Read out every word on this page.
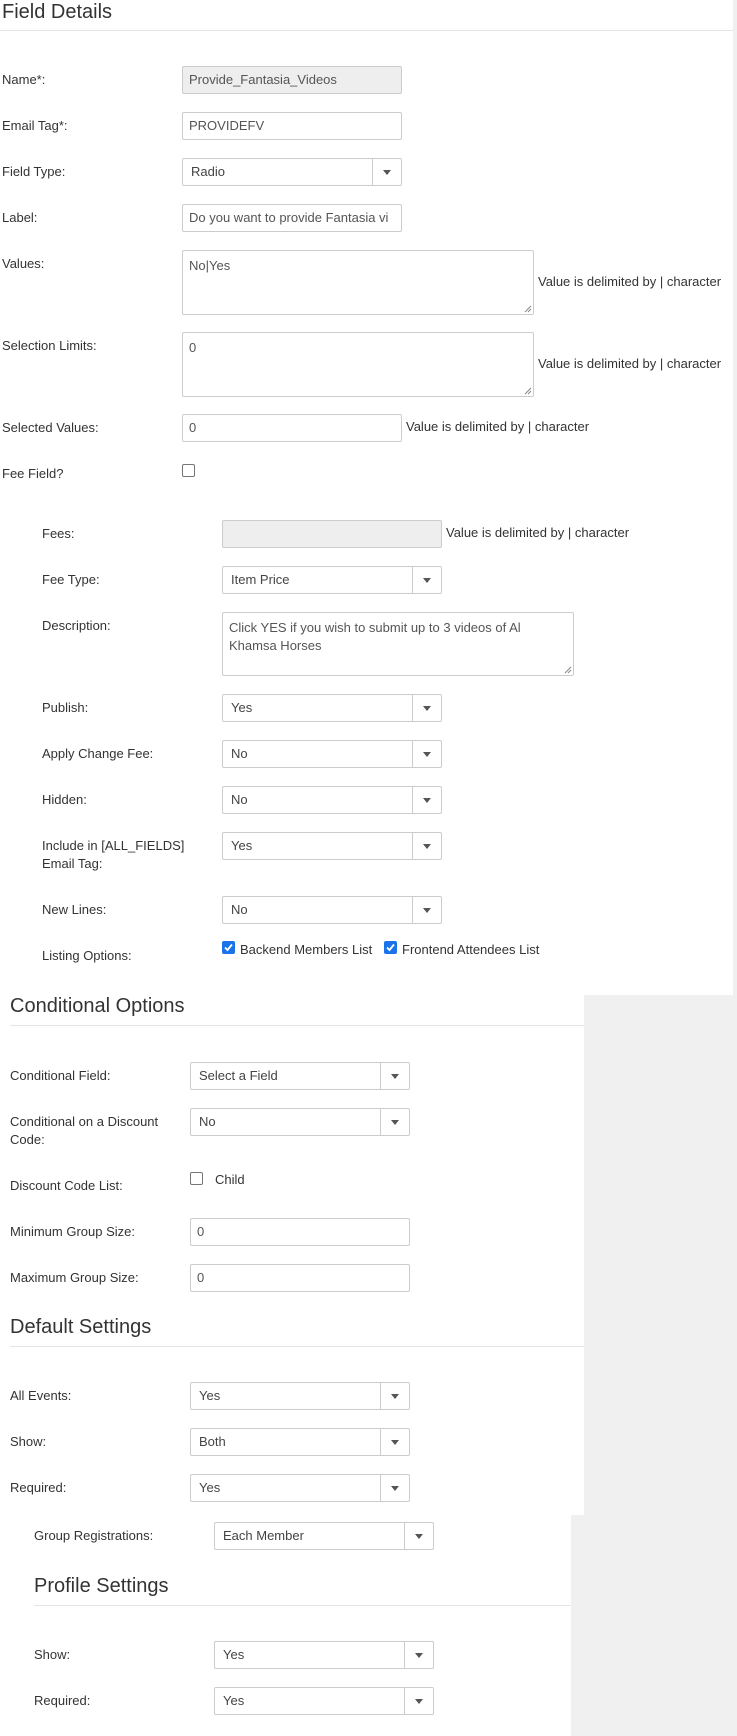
Field Details
Name*:	Provide_Fantasia_Videos
Email Tag*:	PROVIDEFV
Field Type:	Radio
Label:	Do you want to provide Fantasia vi
Values:	No|Yes
Value is delimited by | character
Selection Limits:	0
Value is delimited by | character
Selected Values:	0	Value is delimited by | character
Fee Field?
Fees:	Value is delimited by | character
Fee Type:	Item Price
Description:	Click YES if you wish to submit up to 3 videos of Al Khamsa Horses
Publish:	Yes
Apply Change Fee:	No
Hidden:	No
Include in [ALL_FIELDS]
Email Tag:
Yes
New Lines:	No
Listing Options:	Backend Members List Frontend Attendees List
Conditional Options
Conditional Field:	Select a Field
Conditional on a Discount
Code:
No
Discount Code List:	Child
Minimum Group Size:	0
Maximum Group Size:	0
Default Settings
All Events:	Yes
Show:	Both
Required:	Yes
Group Registrations:	Each Member
Profile Settings
Show:	Yes
Required:	Yes
